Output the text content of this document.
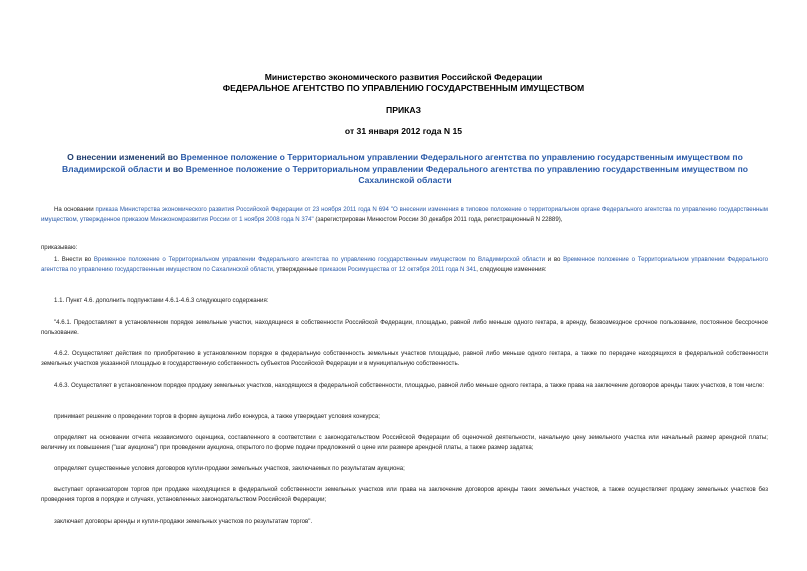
Министерство экономического развития Российской Федерации
ФЕДЕРАЛЬНОЕ АГЕНТСТВО ПО УПРАВЛЕНИЮ ГОСУДАРСТВЕННЫМ ИМУЩЕСТВОМ
ПРИКАЗ
от 31 января 2012 года N 15
О внесении изменений во Временное положение о Территориальном управлении Федерального агентства по управлению государственным имуществом по Владимирской области и во Временное положение о Территориальном управлении Федерального агентства по управлению государственным имуществом по Сахалинской области
На основании приказа Министерства экономического развития Российской Федерации от 23 ноября 2011 года N 694 "О внесении изменения в типовое положение о территориальном органе Федерального агентства по управлению государственным имуществом, утвержденное приказом Минэкономразвития России от 1 ноября 2008 года N 374" (зарегистрирован Минюстом России 30 декабря 2011 года, регистрационный N 22889),
приказываю:
1. Внести во Временное положение о Территориальном управлении Федерального агентства по управлению государственным имуществом по Владимирской области и во Временное положение о Территориальном управлении Федерального агентства по управлению государственным имуществом по Сахалинской области, утвержденные приказом Росимущества от 12 октября 2011 года N 341, следующие изменения:
1.1. Пункт 4.6. дополнить подпунктами 4.6.1-4.6.3 следующего содержания:
"4.6.1. Предоставляет в установленном порядке земельные участки, находящиеся в собственности Российской Федерации, площадью, равной либо меньше одного гектара, в аренду, безвозмездное срочное пользование, постоянное бессрочное пользование.
4.6.2. Осуществляет действия по приобретению в установленном порядке в федеральную собственность земельных участков площадью, равной либо меньше одного гектара, а также по передаче находящихся в федеральной собственности земельных участков указанной площадью в государственную собственность субъектов Российской Федерации и в муниципальную собственность.
4.6.3. Осуществляет в установленном порядке продажу земельных участков, находящихся в федеральной собственности, площадью, равной либо меньше одного гектара, а также права на заключение договоров аренды таких участков, в том числе:
принимает решение о проведении торгов в форме аукциона либо конкурса, а также утверждает условия конкурса;
определяет на основании отчета независимого оценщика, составленного в соответствии с законодательством Российской Федерации об оценочной деятельности, начальную цену земельного участка или начальный размер арендной платы; величину их повышения ("шаг аукциона") при проведении аукциона, открытого по форме подачи предложений о цене или размере арендной платы, а также размер задатка;
определяет существенные условия договоров купли-продажи земельных участков, заключаемых по результатам аукциона;
выступает организатором торгов при продаже находящихся в федеральной собственности земельных участков или права на заключение договоров аренды таких земельных участков, а также осуществляет продажу земельных участков без проведения торгов в порядке и случаях, установленных законодательством Российской Федерации;
заключает договоры аренды и купли-продажи земельных участков по результатам торгов".
